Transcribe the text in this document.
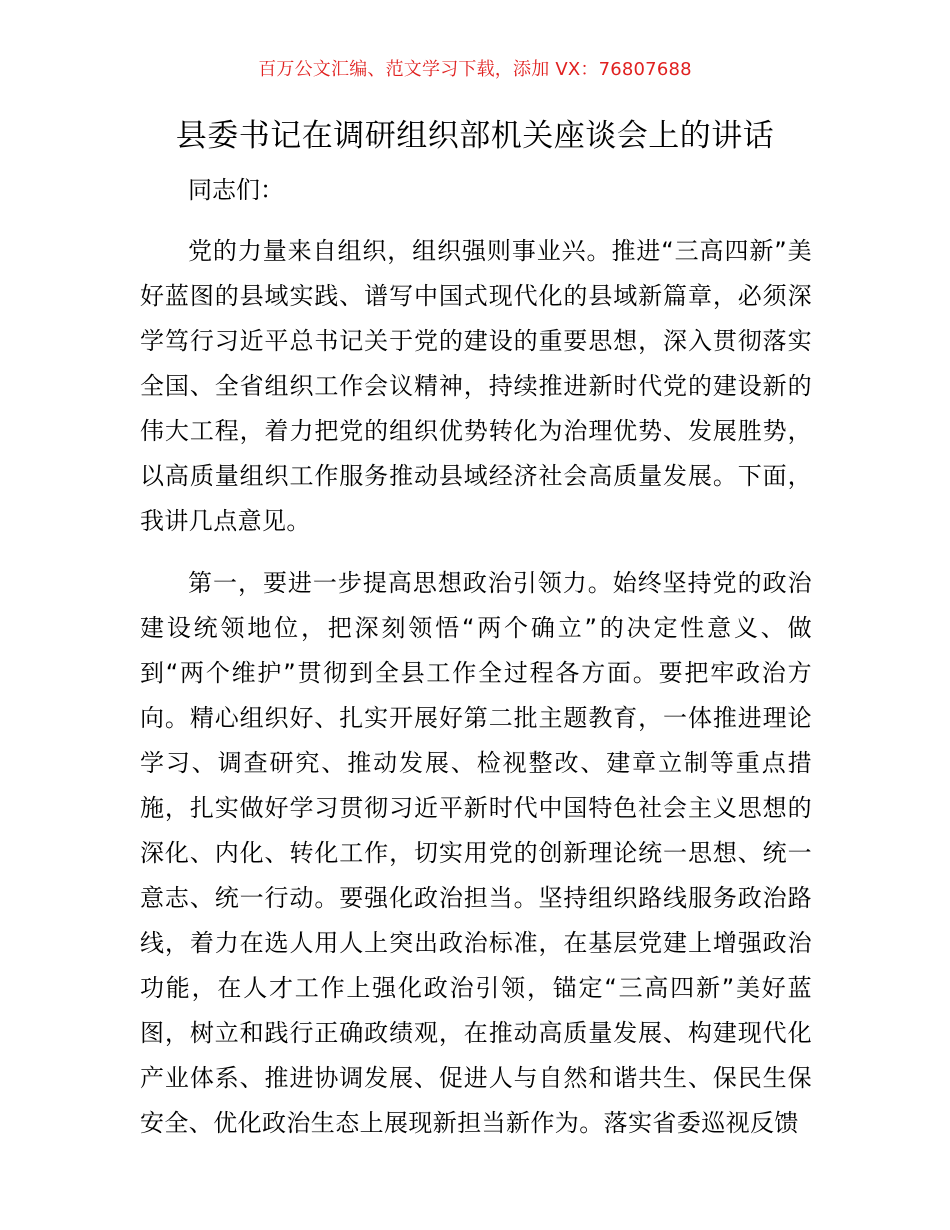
百万公文汇编、范文学习下载，添加 VX：76807688
县委书记在调研组织部机关座谈会上的讲话
同志们：

党的力量来自组织，组织强则事业兴。推进“三高四新”美好蓝图的县域实践、谱写中国式现代化的县域新篇章，必须深学笃行习近平总书记关于党的建设的重要思想，深入贯彻落实全国、全省组织工作会议精神，持续推进新时代党的建设新的伟大工程，着力把党的组织优势转化为治理优势、发展胜势，以高质量组织工作服务推动县域经济社会高质量发展。下面，我讲几点意见。

第一，要进一步提高思想政治引领力。始终坚持党的政治建设统领地位，把深刻领悟“两个确立”的决定性意义、做到“两个维护”贯彻到全县工作全过程各方面。要把牢政治方向。精心组织好、扎实开展好第二批主题教育，一体推进理论学习、调查研究、推动发展、检视整改、建章立制等重点措施，扎实做好学习贯彻习近平新时代中国特色社会主义思想的深化、内化、转化工作，切实用党的创新理论统一思想、统一意志、统一行动。要强化政治担当。坚持组织路线服务政治路线，着力在选人用人上突出政治标准，在基层党建上增强政治功能，在人才工作上强化政治引领，锚定“三高四新”美好蓝图，树立和践行正确政绩观，在推动高质量发展、构建现代化产业体系、推进协调发展、促进人与自然和谐共生、保民生保安全、优化政治生态上展现新担当新作为。落实省委巡视反馈
